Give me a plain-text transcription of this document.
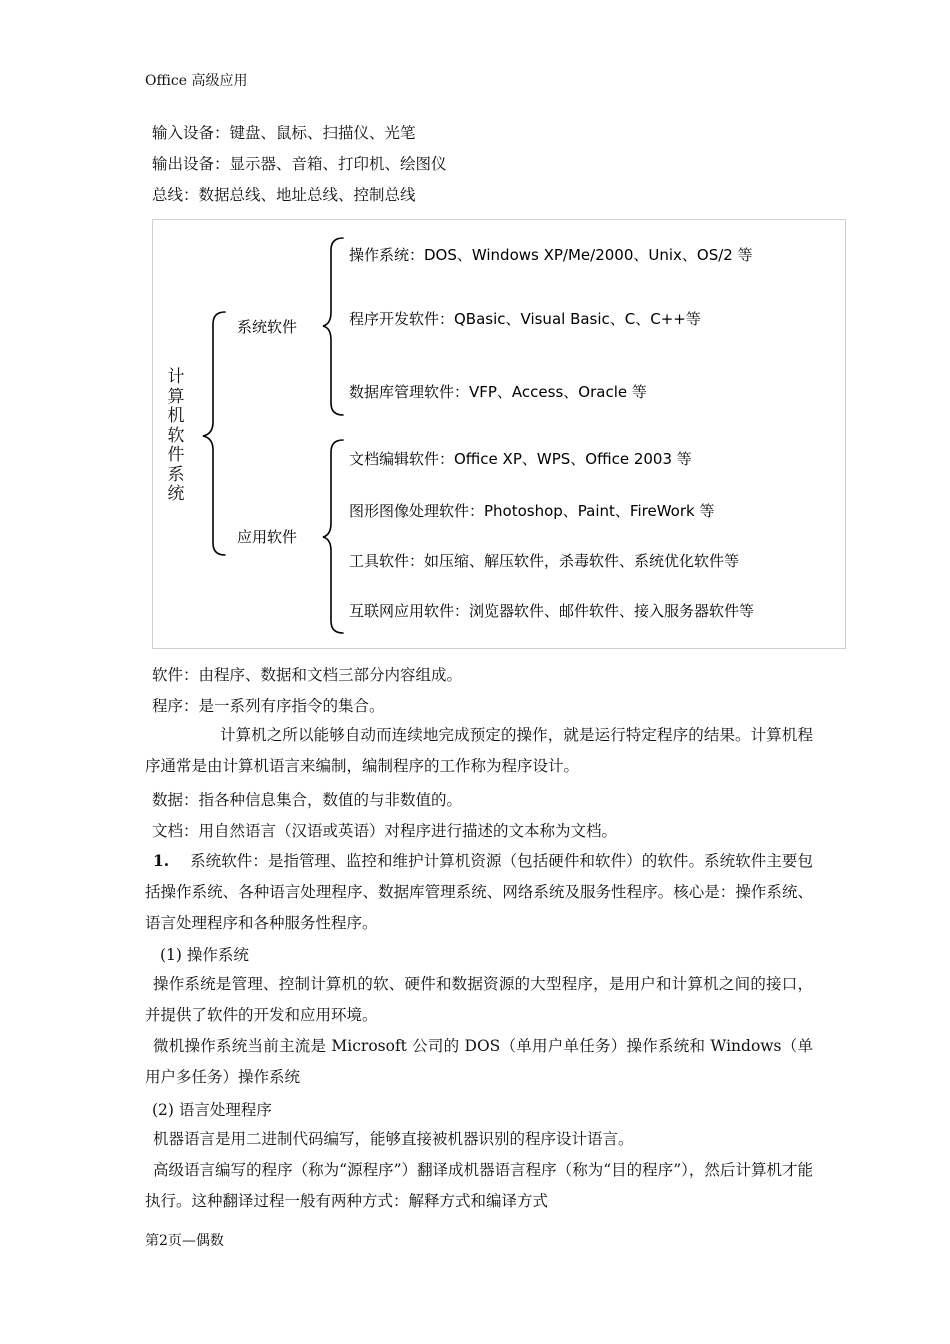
Office 高级应用
输入设备：键盘、鼠标、扫描仪、光笔
输出设备：显示器、音箱、打印机、绘图仪
总线：数据总线、地址总线、控制总线
计算机软件系统
系统软件
应用软件
操作系统：DOS、Windows XP/Me/2000、Unix、OS/2 等
程序开发软件：QBasic、Visual Basic、C、C++等
数据库管理软件：VFP、Access、Oracle 等
文档编辑软件：Office XP、WPS、Office 2003 等
图形图像处理软件：Photoshop、Paint、FireWork 等
工具软件：如压缩、解压软件，杀毒软件、系统优化软件等
互联网应用软件：浏览器软件、邮件软件、接入服务器软件等
软件：由程序、数据和文档三部分内容组成。
程序：是一系列有序指令的集合。
计算机之所以能够自动而连续地完成预定的操作，就是运行特定程序的结果。计算机程序通常是由计算机语言来编制，编制程序的工作称为程序设计。
数据：指各种信息集合，数值的与非数值的。
文档：用自然语言（汉语或英语）对程序进行描述的文本称为文档。
1. 系统软件：是指管理、监控和维护计算机资源（包括硬件和软件）的软件。系统软件主要包括操作系统、各种语言处理程序、数据库管理系统、网络系统及服务性程序。核心是：操作系统、语言处理程序和各种服务性程序。
(1) 操作系统
操作系统是管理、控制计算机的软、硬件和数据资源的大型程序，是用户和计算机之间的接口，并提供了软件的开发和应用环境。
微机操作系统当前主流是 Microsoft 公司的 DOS（单用户单任务）操作系统和 Windows（单用户多任务）操作系统
(2) 语言处理程序
机器语言是用二进制代码编写，能够直接被机器识别的程序设计语言。
高级语言编写的程序（称为“源程序”）翻译成机器语言程序（称为“目的程序”），然后计算机才能执行。这种翻译过程一般有两种方式：解释方式和编译方式
第2页—偶数
